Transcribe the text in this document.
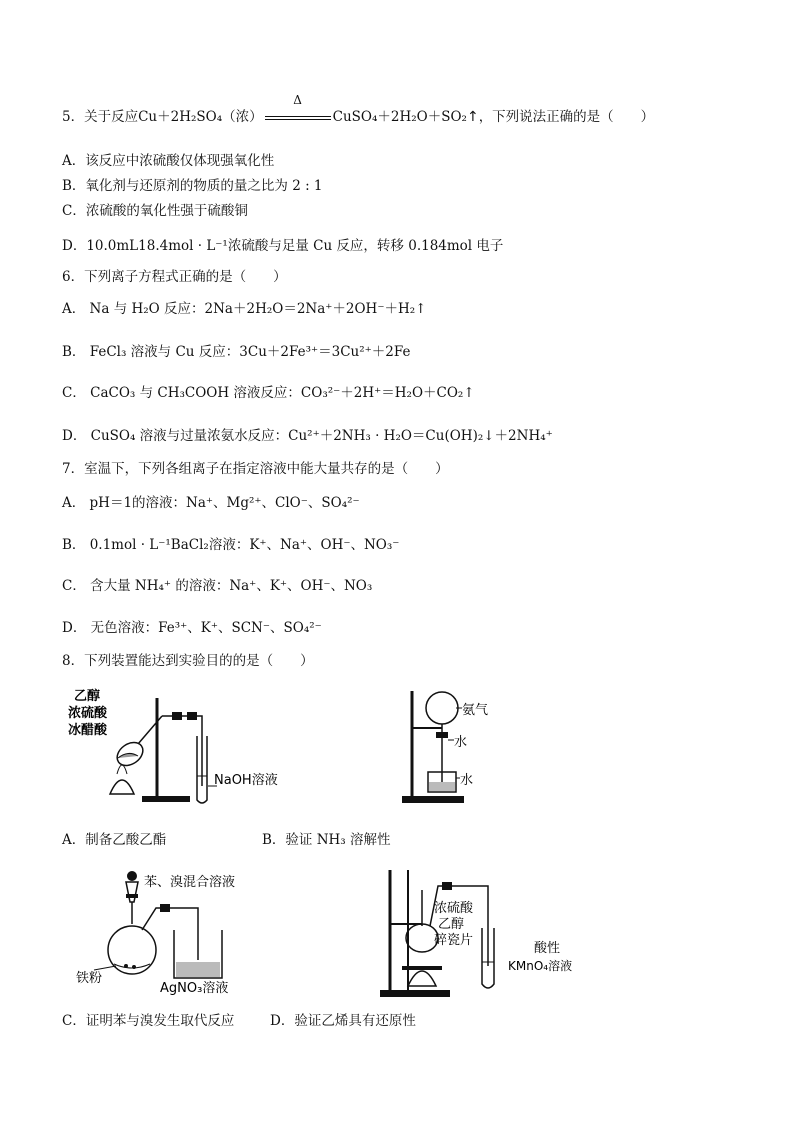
5．关于反应Cu＋2H₂SO₄（浓）
Δ
CuSO₄＋2H₂O＋SO₂↑，下列说法正确的是（　　）
A．该反应中浓硫酸仅体现强氧化性
B．氧化剂与还原剂的物质的量之比为 2 : 1
C．浓硫酸的氧化性强于硫酸铜
D．10.0mL18.4mol · L⁻¹浓硫酸与足量 Cu 反应，转移 0.184mol 电子
6．下列离子方程式正确的是（　　）
A． Na 与 H₂O 反应：2Na＋2H₂O＝2Na⁺＋2OH⁻＋H₂↑
B． FeCl₃ 溶液与 Cu 反应：3Cu＋2Fe³⁺＝3Cu²⁺＋2Fe
C． CaCO₃ 与 CH₃COOH 溶液反应：CO₃²⁻＋2H⁺＝H₂O＋CO₂↑
D． CuSO₄ 溶液与过量浓氨水反应：Cu²⁺＋2NH₃ · H₂O＝Cu(OH)₂↓＋2NH₄⁺
7．室温下，下列各组离子在指定溶液中能大量共存的是（　　）
A． pH＝1的溶液：Na⁺、Mg²⁺、ClO⁻、SO₄²⁻
B． 0.1mol · L⁻¹BaCl₂溶液：K⁺、Na⁺、OH⁻、NO₃⁻
C． 含大量 NH₄⁺ 的溶液：Na⁺、K⁺、OH⁻、NO₃
D． 无色溶液：Fe³⁺、K⁺、SCN⁻、SO₄²⁻
8．下列装置能达到实验目的的是（　　）
乙醇
浓硫酸
冰醋酸
NaOH溶液
A．制备乙酸乙酯
氨气
水
水
B．验证 NH₃ 溶解性
苯、溴混合溶液
铁粉
AgNO₃溶液
C．证明苯与溴发生取代反应
浓硫酸
乙醇
碎瓷片
酸性
KMnO₄溶液
D．验证乙烯具有还原性
